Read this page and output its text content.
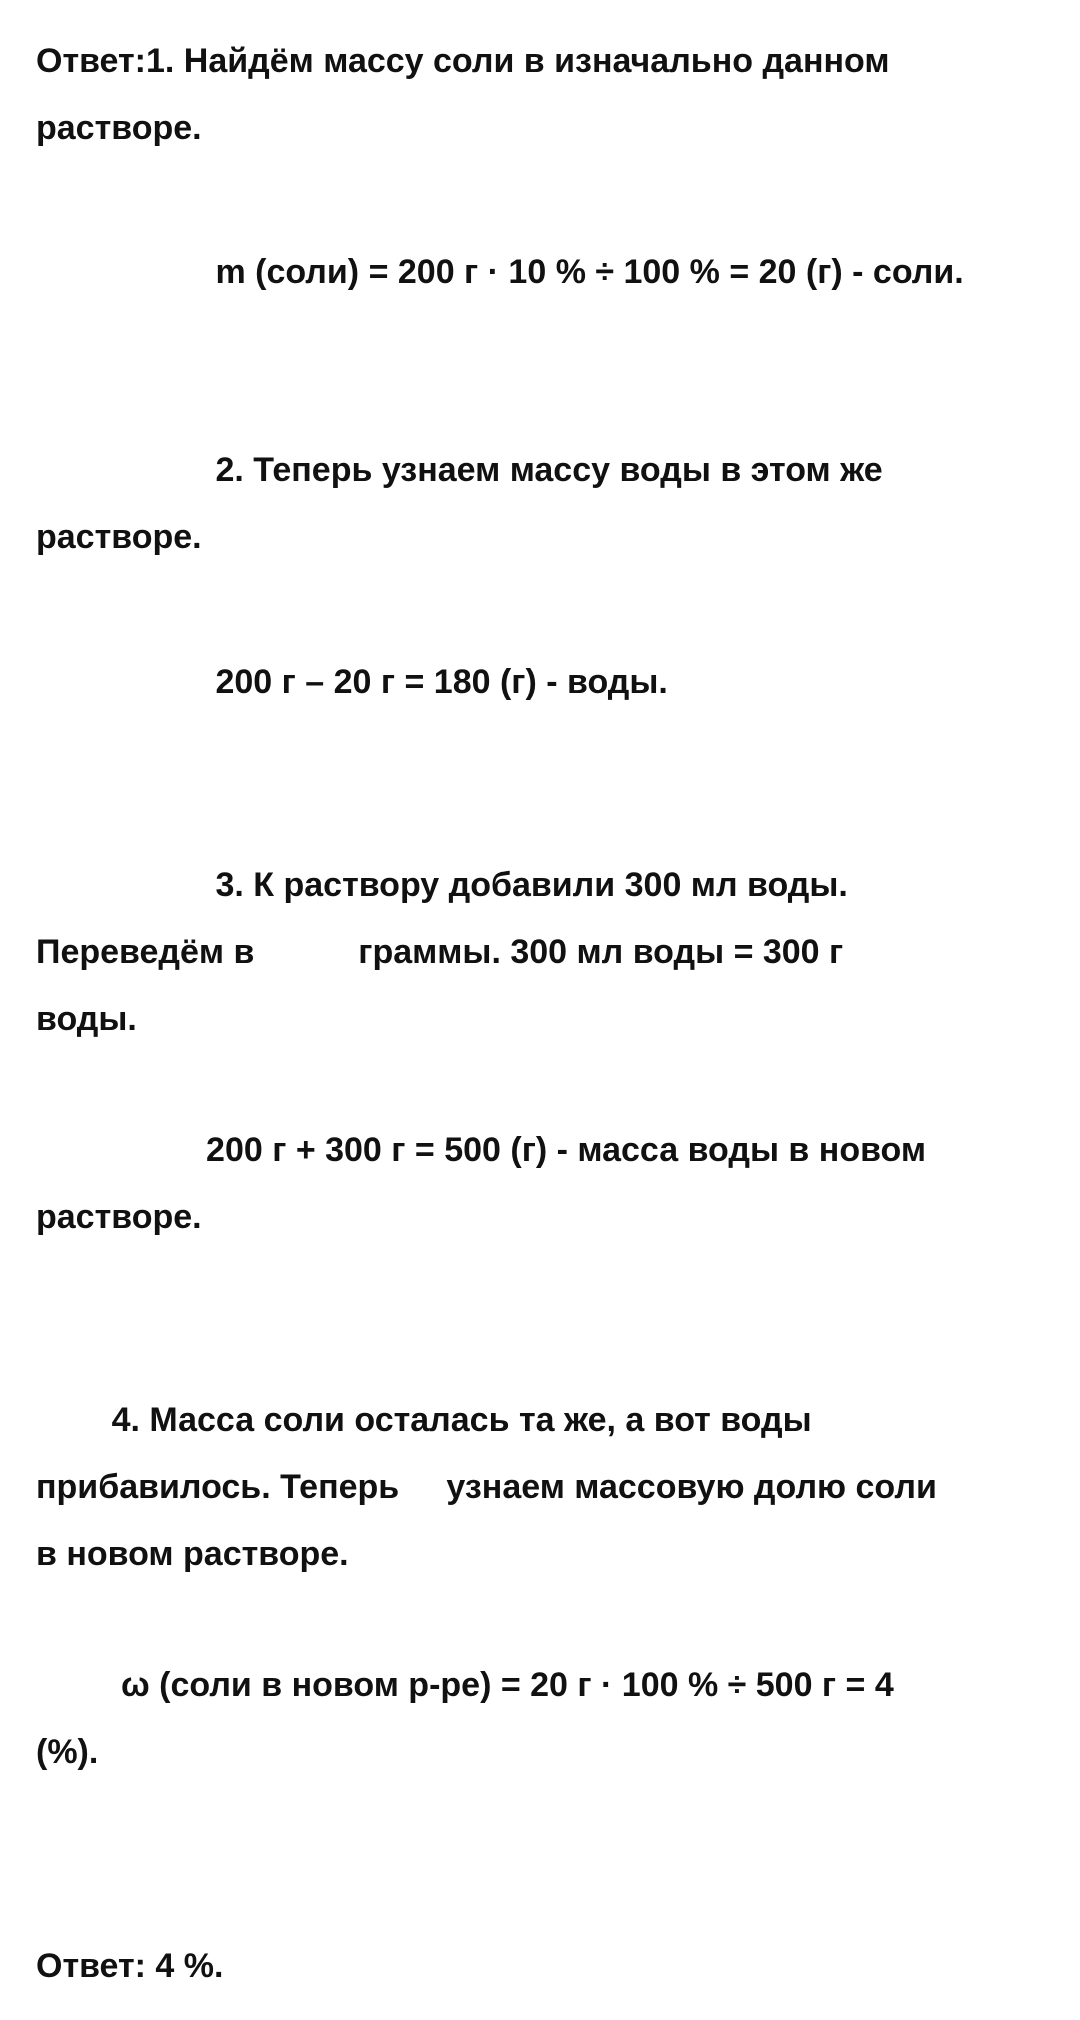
Ответ:1. Найдём массу соли в изначально данном
растворе.
m (соли) = 200 г · 10 % ÷ 100 % = 20 (г) - соли.
2. Теперь узнаем массу воды в этом же
растворе.
200 г – 20 г = 180 (г) - воды.
3. К раствору добавили 300 мл воды.
Переведём в           граммы. 300 мл воды = 300 г
воды.
200 г + 300 г = 500 (г) - масса воды в новом
растворе.
4. Масса соли осталась та же, а вот воды
прибавилось. Теперь     узнаем массовую долю соли
в новом растворе.
ω (соли в новом р-ре) = 20 г · 100 % ÷ 500 г = 4
(%).
Ответ: 4 %.
